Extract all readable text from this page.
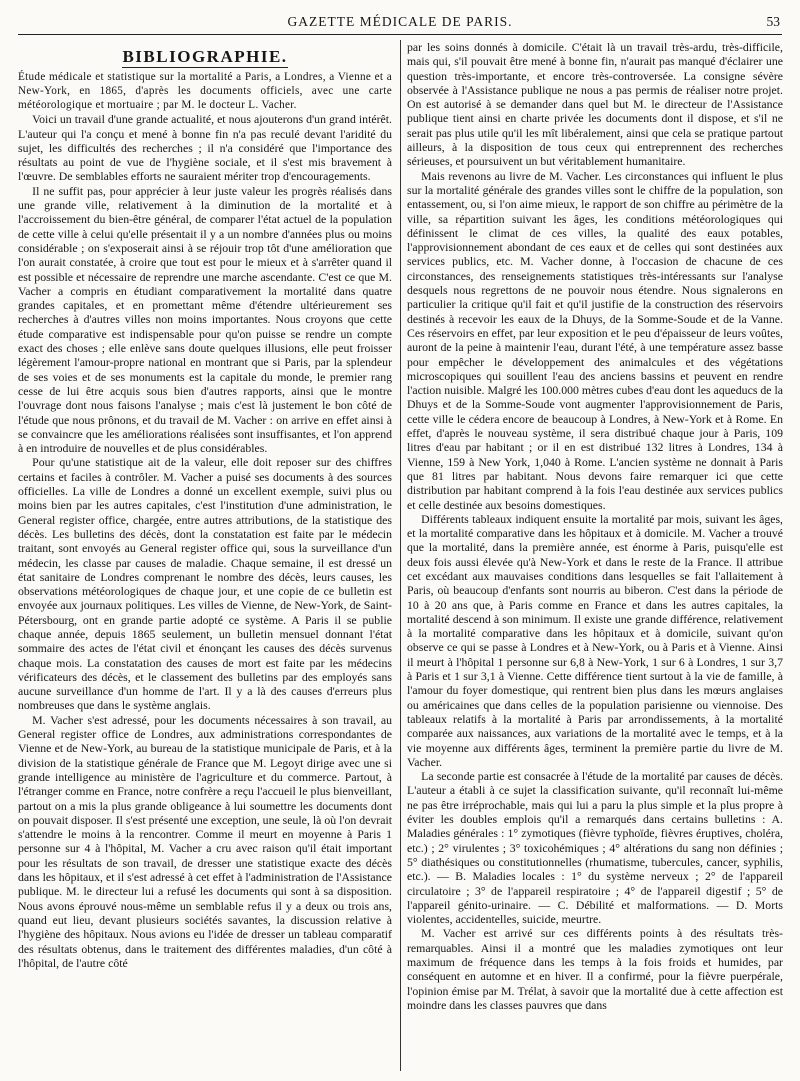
GAZETTE MÉDICALE DE PARIS.	53
BIBLIOGRAPHIE.

Étude médicale et statistique sur la mortalité a Paris, a Londres, a Vienne et a New-York, en 1865, d'après les documents officiels, avec une carte météorologique et mortuaire ; par M. le docteur L. Vacher.

Voici un travail d'une grande actualité, et nous ajouterons d'un grand intérêt. L'auteur qui l'a conçu et mené à bonne fin n'a pas reculé devant l'aridité du sujet, les difficultés des recherches ; il n'a considéré que l'importance des résultats au point de vue de l'hygiène sociale, et il s'est mis bravement à l'œuvre. De semblables efforts ne sauraient mériter trop d'encouragements.

Il ne suffit pas, pour apprécier à leur juste valeur les progrès réalisés dans une grande ville, relativement à la diminution de la mortalité et à l'accroissement du bien-être général, de comparer l'état actuel de la population de cette ville à celui qu'elle présentait il y a un nombre d'années plus ou moins considérable ; on s'exposerait ainsi à se réjouir trop tôt d'une amélioration que l'on aurait constatée, à croire que tout est pour le mieux et à s'arrêter quand il est possible et nécessaire de reprendre une marche ascendante. C'est ce que M. Vacher a compris en étudiant comparativement la mortalité dans quatre grandes capitales, et en promettant même d'étendre ultérieurement ses recherches à d'autres villes non moins importantes. Nous croyons que cette étude comparative est indispensable pour qu'on puisse se rendre un compte exact des choses ; elle enlève sans doute quelques illusions, elle peut froisser légèrement l'amour-propre national en montrant que si Paris, par la splendeur de ses voies et de ses monuments est la capitale du monde, le premier rang cesse de lui être acquis sous bien d'autres rapports, ainsi que le montre l'ouvrage dont nous faisons l'analyse ; mais c'est là justement le bon côté de l'étude que nous prônons, et du travail de M. Vacher : on arrive en effet ainsi à se convaincre que les améliorations réalisées sont insuffisantes, et l'on apprend à en introduire de nouvelles et de plus considérables.

Pour qu'une statistique ait de la valeur, elle doit reposer sur des chiffres certains et faciles à contrôler. M. Vacher a puisé ses documents à des sources officielles. La ville de Londres a donné un excellent exemple, suivi plus ou moins bien par les autres capitales, c'est l'institution d'une administration, le General register office, chargée, entre autres attributions, de la statistique des décès. Les bulletins des décès, dont la constatation est faite par le médecin traitant, sont envoyés au General register office qui, sous la surveillance d'un médecin, les classe par causes de maladie. Chaque semaine, il est dressé un état sanitaire de Londres comprenant le nombre des décès, leurs causes, les observations météorologiques de chaque jour, et une copie de ce bulletin est envoyée aux journaux politiques. Les villes de Vienne, de New-York, de Saint-Pétersbourg, ont en grande partie adopté ce système. A Paris il se publie chaque année, depuis 1865 seulement, un bulletin mensuel donnant l'état sommaire des actes de l'état civil et énonçant les causes des décès survenus chaque mois. La constatation des causes de mort est faite par les médecins vérificateurs des décès, et le classement des bulletins par des employés sans aucune surveillance d'un homme de l'art. Il y a là des causes d'erreurs plus nombreuses que dans le système anglais.

M. Vacher s'est adressé, pour les documents nécessaires à son travail, au General register office de Londres, aux administrations correspondantes de Vienne et de New-York, au bureau de la statistique municipale de Paris, et à la division de la statistique générale de France que M. Legoyt dirige avec une si grande intelligence au ministère de l'agriculture et du commerce. Partout, à l'étranger comme en France, notre confrère a reçu l'accueil le plus bienveillant, partout on a mis la plus grande obligeance à lui soumettre les documents dont on pouvait disposer. Il s'est présenté une exception, une seule, là où l'on devrait s'attendre le moins à la rencontrer. Comme il meurt en moyenne à Paris 1 personne sur 4 à l'hôpital, M. Vacher a cru avec raison qu'il était important pour les résultats de son travail, de dresser une statistique exacte des décès dans les hôpitaux, et il s'est adressé à cet effet à l'administration de l'Assistance publique. M. le directeur lui a refusé les documents qui sont à sa disposition. Nous avons éprouvé nous-même un semblable refus il y a deux ou trois ans, quand eut lieu, devant plusieurs sociétés savantes, la discussion relative à l'hygiène des hôpitaux. Nous avions eu l'idée de dresser un tableau comparatif des résultats obtenus, dans le traitement des différentes maladies, d'un côté à l'hôpital, de l'autre côté

par les soins donnés à domicile. C'était là un travail très-ardu, très-difficile, mais qui, s'il pouvait être mené à bonne fin, n'aurait pas manqué d'éclairer une question très-importante, et encore très-controversée. La consigne sévère observée à l'Assistance publique ne nous a pas permis de réaliser notre projet. On est autorisé à se demander dans quel but M. le directeur de l'Assistance publique tient ainsi en charte privée les documents dont il dispose, et s'il ne serait pas plus utile qu'il les mît libéralement, ainsi que cela se pratique partout ailleurs, à la disposition de tous ceux qui entreprennent des recherches sérieuses, et poursuivent un but véritablement humanitaire.

Mais revenons au livre de M. Vacher. Les circonstances qui influent le plus sur la mortalité générale des grandes villes sont le chiffre de la population, son entassement, ou, si l'on aime mieux, le rapport de son chiffre au périmètre de la ville, sa répartition suivant les âges, les conditions météorologiques qui définissent le climat de ces villes, la qualité des eaux potables, l'approvisionnement abondant de ces eaux et de celles qui sont destinées aux services publics, etc. M. Vacher donne, à l'occasion de chacune de ces circonstances, des renseignements statistiques très-intéressants sur l'analyse desquels nous regrettons de ne pouvoir nous étendre. Nous signalerons en particulier la critique qu'il fait et qu'il justifie de la construction des réservoirs destinés à recevoir les eaux de la Dhuys, de la Somme-Soude et de la Vanne. Ces réservoirs en effet, par leur exposition et le peu d'épaisseur de leurs voûtes, auront de la peine à maintenir l'eau, durant l'été, à une température assez basse pour empêcher le développement des animalcules et des végétations microscopiques qui souillent l'eau des anciens bassins et peuvent en rendre l'action nuisible. Malgré les 100.000 mètres cubes d'eau dont les aqueducs de la Dhuys et de la Somme-Soude vont augmenter l'approvisionnement de Paris, cette ville le cédera encore de beaucoup à Londres, à New-York et à Rome. En effet, d'après le nouveau système, il sera distribué chaque jour à Paris, 109 litres d'eau par habitant ; or il en est distribué 132 litres à Londres, 134 à Vienne, 159 à New York, 1,040 à Rome. L'ancien système ne donnait à Paris que 81 litres par habitant. Nous devons faire remarquer ici que cette distribution par habitant comprend à la fois l'eau destinée aux services publics et celle destinée aux besoins domestiques.

Différents tableaux indiquent ensuite la mortalité par mois, suivant les âges, et la mortalité comparative dans les hôpitaux et à domicile. M. Vacher a trouvé que la mortalité, dans la première année, est énorme à Paris, puisqu'elle est deux fois aussi élevée qu'à New-York et dans le reste de la France. Il attribue cet excédant aux mauvaises conditions dans lesquelles se fait l'allaitement à Paris, où beaucoup d'enfants sont nourris au biberon. C'est dans la période de 10 à 20 ans que, à Paris comme en France et dans les autres capitales, la mortalité descend à son minimum. Il existe une grande différence, relativement à la mortalité comparative dans les hôpitaux et à domicile, suivant qu'on observe ce qui se passe à Londres et à New-York, ou à Paris et à Vienne. Ainsi il meurt à l'hôpital 1 personne sur 6,8 à New-York, 1 sur 6 à Londres, 1 sur 3,7 à Paris et 1 sur 3,1 à Vienne. Cette différence tient surtout à la vie de famille, à l'amour du foyer domestique, qui rentrent bien plus dans les mœurs anglaises ou américaines que dans celles de la population parisienne ou viennoise. Des tableaux relatifs à la mortalité à Paris par arrondissements, à la mortalité comparée aux naissances, aux variations de la mortalité avec le temps, et à la vie moyenne aux différents âges, terminent la première partie du livre de M. Vacher.

La seconde partie est consacrée à l'étude de la mortalité par causes de décès. L'auteur a établi à ce sujet la classification suivante, qu'il reconnaît lui-même ne pas être irréprochable, mais qui lui a paru la plus simple et la plus propre à éviter les doubles emplois qu'il a remarqués dans certains bulletins : A. Maladies générales : 1° zymotiques (fièvre typhoïde, fièvres éruptives, choléra, etc.) ; 2° virulentes ; 3° toxicohémiques ; 4° altérations du sang non définies ; 5° diathésiques ou constitutionnelles (rhumatisme, tubercules, cancer, syphilis, etc.). — B. Maladies locales : 1° du système nerveux ; 2° de l'appareil circulatoire ; 3° de l'appareil respiratoire ; 4° de l'appareil digestif ; 5° de l'appareil génito-urinaire. — C. Débilité et malformations. — D. Morts violentes, accidentelles, suicide, meurtre.

M. Vacher est arrivé sur ces différents points à des résultats très-remarquables. Ainsi il a montré que les maladies zymotiques ont leur maximum de fréquence dans les temps à la fois froids et humides, par conséquent en automne et en hiver. Il a confirmé, pour la fièvre puerpérale, l'opinion émise par M. Trélat, à savoir que la mortalité due à cette affection est moindre dans les classes pauvres que dans
